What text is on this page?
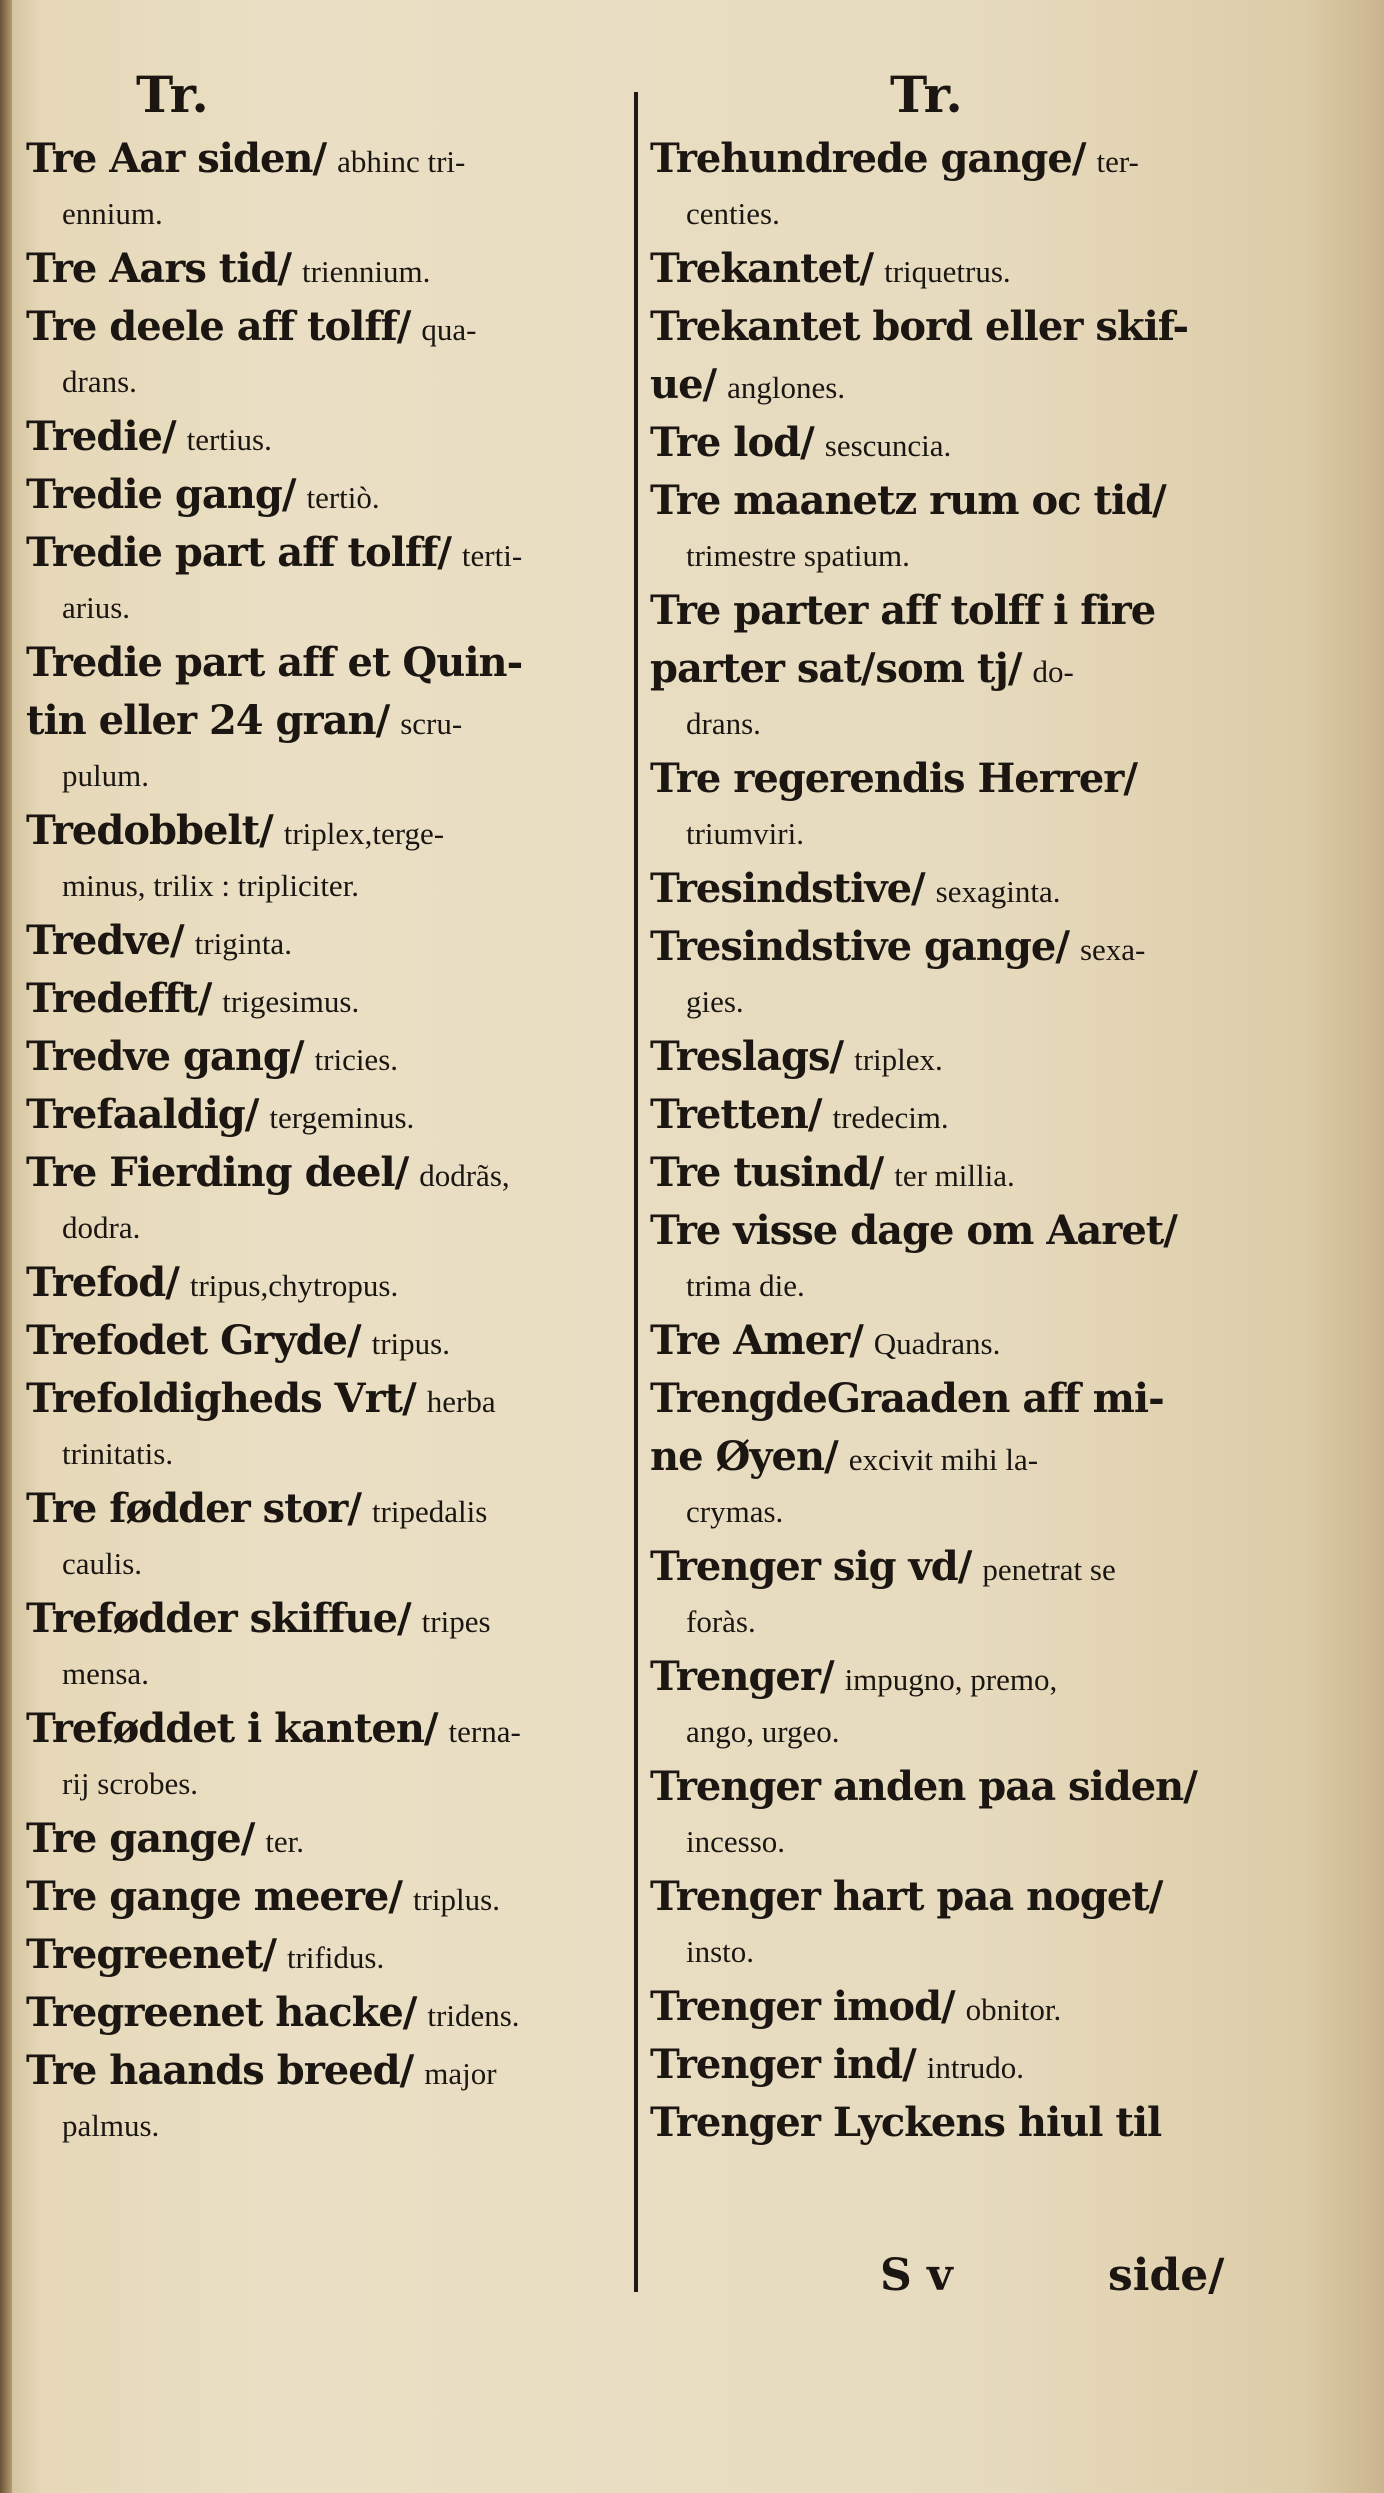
Tr.
Tre Aar siden/ abhinc tri-
ennium.
Tre Aars tid/ triennium.
Tre deele aff tolff/ qua-
drans.
Tredie/ tertius.
Tredie gang/ tertiò.
Tredie part aff tolff/ terti-
arius.
Tredie part aff et Quin-
tin eller 24 gran/ scru-
pulum.
Tredobbelt/ triplex,terge-
minus, trilix : tripliciter.
Tredve/ triginta.
Tredefft/ trigesimus.
Tredve gang/ tricies.
Trefaaldig/ tergeminus.
Tre Fierding deel/ dodrãs,
dodra.
Trefod/ tripus,chytropus.
Trefodet Gryde/ tripus.
Trefoldigheds Vrt/ herba
trinitatis.
Tre fødder stor/ tripedalis
caulis.
Trefødder skiffue/ tripes
mensa.
Treføddet i kanten/ terna-
rij scrobes.
Tre gange/ ter.
Tre gange meere/ triplus.
Tregreenet/ trifidus.
Tregreenet hacke/ tridens.
Tre haands breed/ major
palmus.
Tr.
Trehundrede gange/ ter-
centies.
Trekantet/ triquetrus.
Trekantet bord eller skif-
ue/ anglones.
Tre lod/ sescuncia.
Tre maanetz rum oc tid/
trimestre spatium.
Tre parter aff tolff i fire
parter sat/som tj/ do-
drans.
Tre regerendis Herrer/
triumviri.
Tresindstive/ sexaginta.
Tresindstive gange/ sexa-
gies.
Treslags/ triplex.
Tretten/ tredecim.
Tre tusind/ ter millia.
Tre visse dage om Aaret/
trima die.
Tre Amer/ Quadrans.
TrengdeGraaden aff mi-
ne Øyen/ excivit mihi la-
crymas.
Trenger sig vd/ penetrat se
foràs.
Trenger/ impugno, premo,
ango, urgeo.
Trenger anden paa siden/
incesso.
Trenger hart paa noget/
insto.
Trenger imod/ obnitor.
Trenger ind/ intrudo.
Trenger Lyckens hiul til
S v	side/
